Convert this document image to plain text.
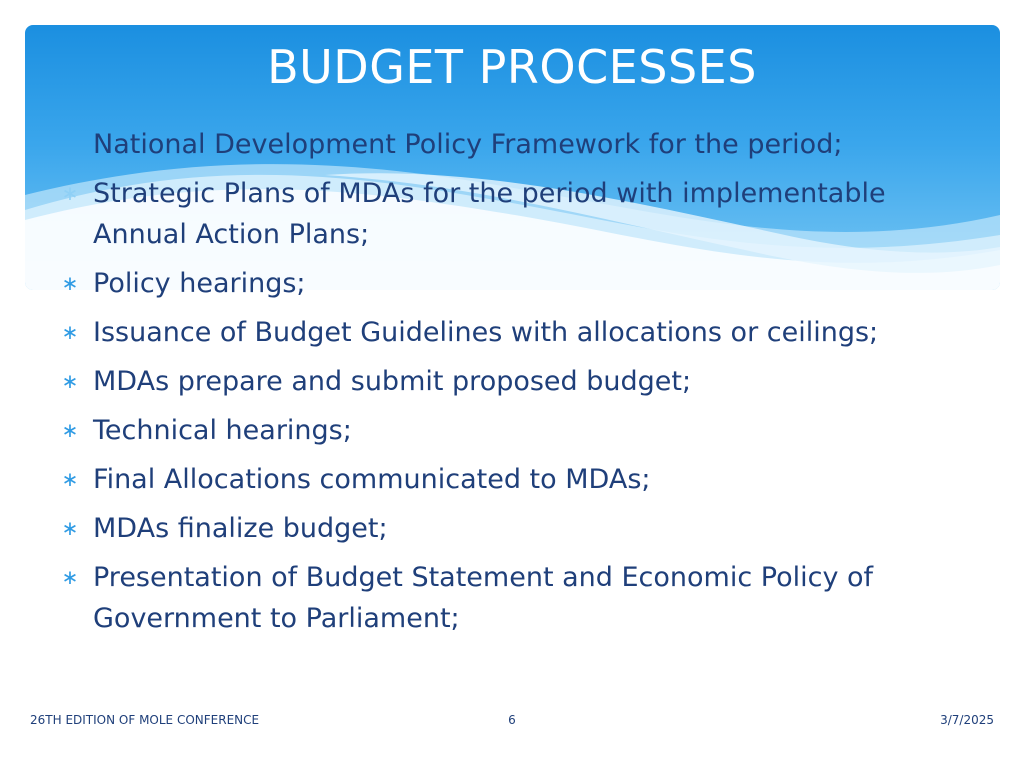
BUDGET PROCESSES
National Development Policy Framework for the period;
∗ Strategic Plans of MDAs for the period with implementable Annual Action Plans;
∗ Policy hearings;
∗ Issuance of Budget Guidelines with allocations or ceilings;
∗ MDAs prepare and submit proposed budget;
∗ Technical hearings;
∗ Final Allocations communicated to MDAs;
∗ MDAs finalize budget;
∗ Presentation of Budget Statement and Economic Policy of Government to Parliament;
26TH EDITION OF MOLE CONFERENCE	6	3/7/2025
